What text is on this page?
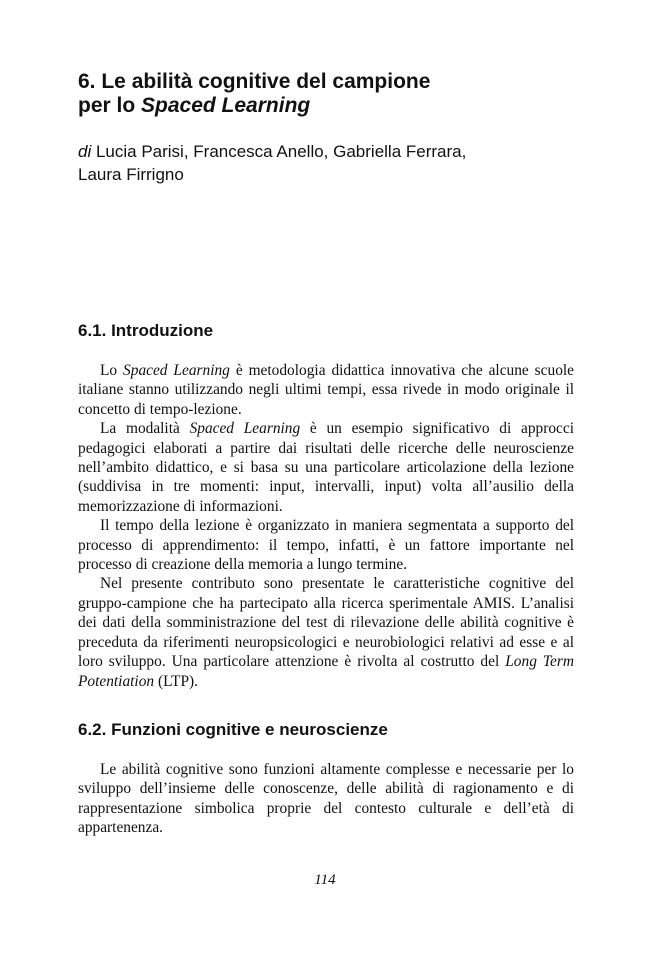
6. Le abilità cognitive del campione
per lo Spaced Learning

di Lucia Parisi, Francesca Anello, Gabriella Ferrara,
Laura Firrigno

6.1. Introduzione

Lo Spaced Learning è metodologia didattica innovativa che alcune scuole italiane stanno utilizzando negli ultimi tempi, essa rivede in modo originale il concetto di tempo-lezione.

La modalità Spaced Learning è un esempio significativo di approcci pedagogici elaborati a partire dai risultati delle ricerche delle neuroscienze nell’ambito didattico, e si basa su una particolare articolazione della lezione (suddivisa in tre momenti: input, intervalli, input) volta all’ausilio della memorizzazione di informazioni.

Il tempo della lezione è organizzato in maniera segmentata a supporto del processo di apprendimento: il tempo, infatti, è un fattore importante nel processo di creazione della memoria a lungo termine.

Nel presente contributo sono presentate le caratteristiche cognitive del gruppo-campione che ha partecipato alla ricerca sperimentale AMIS. L’analisi dei dati della somministrazione del test di rilevazione delle abilità cognitive è preceduta da riferimenti neuropsicologici e neurobiologici relativi ad esse e al loro sviluppo. Una particolare attenzione è rivolta al costrutto del Long Term Potentiation (LTP).

6.2. Funzioni cognitive e neuroscienze

Le abilità cognitive sono funzioni altamente complesse e necessarie per lo sviluppo dell’insieme delle conoscenze, delle abilità di ragionamento e di rappresentazione simbolica proprie del contesto culturale e dell’età di appartenenza.

114
